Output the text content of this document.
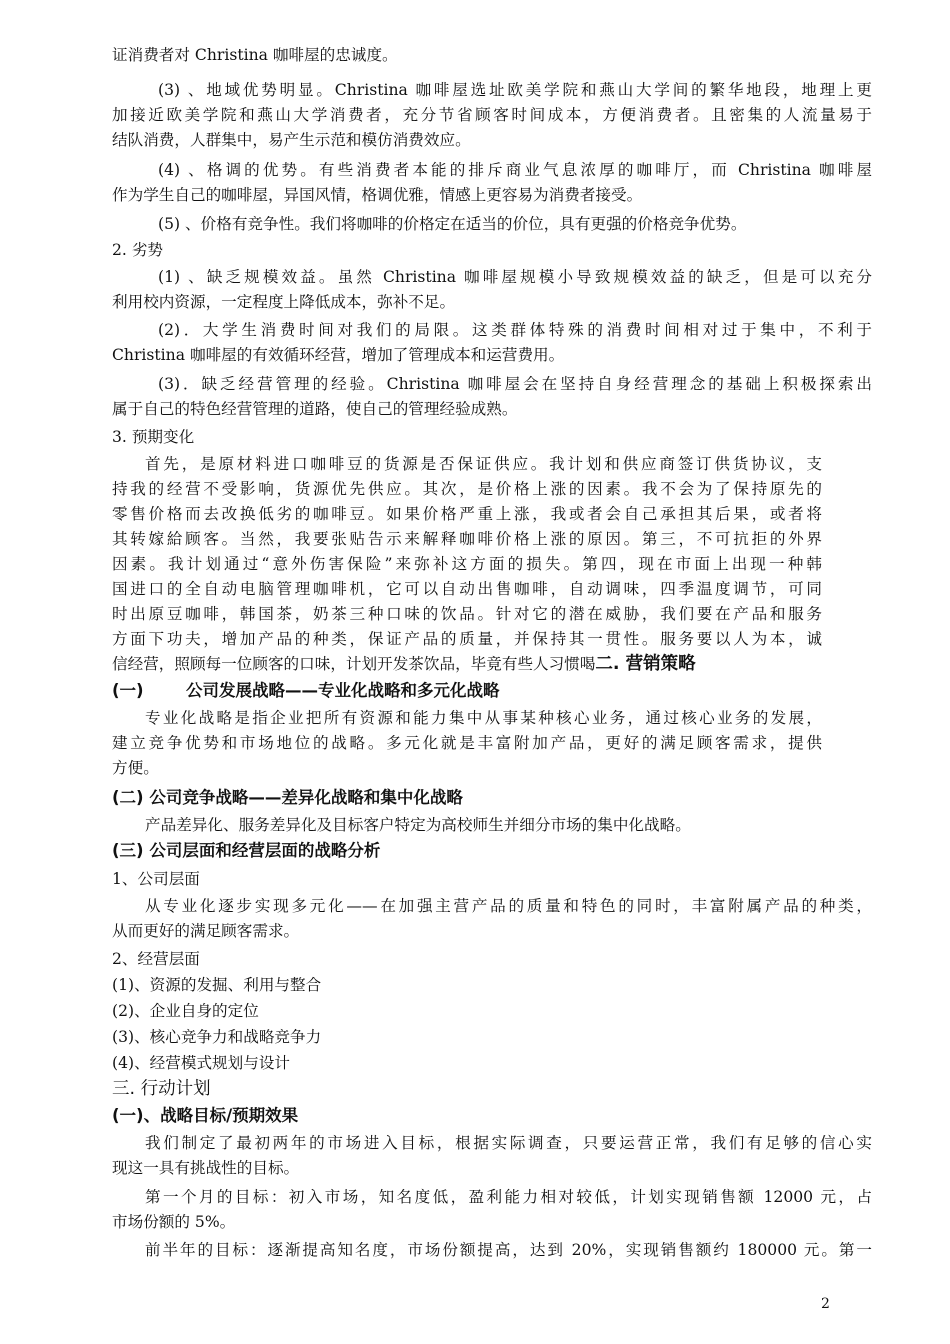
证消费者对 Christina 咖啡屋的忠诚度。

(3) 、地域优势明显。Christina 咖啡屋选址欧美学院和燕山大学间的繁华地段，地理上更

加接近欧美学院和燕山大学消费者，充分节省顾客时间成本，方便消费者。且密集的人流量易于

结队消费，人群集中，易产生示范和模仿消费效应。

(4) 、格调的优势。有些消费者本能的排斥商业气息浓厚的咖啡厅，而 Christina 咖啡屋

作为学生自己的咖啡屋，异国风情，格调优雅，情感上更容易为消费者接受。

(5) 、价格有竞争性。我们将咖啡的价格定在适当的价位，具有更强的价格竞争优势。

2. 劣势

(1) 、缺乏规模效益。虽然 Christina 咖啡屋规模小导致规模效益的缺乏，但是可以充分

利用校内资源，一定程度上降低成本，弥补不足。

(2)．大学生消费时间对我们的局限。这类群体特殊的消费时间相对过于集中，不利于

Christina 咖啡屋的有效循环经营，增加了管理成本和运营费用。

(3)．缺乏经营管理的经验。Christina 咖啡屋会在坚持自身经营理念的基础上积极探索出

属于自己的特色经营管理的道路，使自己的管理经验成熟。

3. 预期变化

首先，是原材料进口咖啡豆的货源是否保证供应。我计划和供应商签订供货协议，支

持我的经营不受影响，货源优先供应。其次，是价格上涨的因素。我不会为了保持原先的

零售价格而去改换低劣的咖啡豆。如果价格严重上涨，我或者会自己承担其后果，或者将

其转嫁給顾客。当然，我要张贴告示来解释咖啡价格上涨的原因。第三，不可抗拒的外界

因素。我计划通过“意外伤害保险”来弥补这方面的损失。第四，现在市面上出现一种韩

国进口的全自动电脑管理咖啡机，它可以自动出售咖啡，自动调味，四季温度调节，可同

时出原豆咖啡，韩国茶，奶茶三种口味的饮品。针对它的潜在威胁，我们要在产品和服务

方面下功夫，增加产品的种类，保证产品的质量，并保持其一贯性。服务要以人为本，诚

信经营，照顾每一位顾客的口味，计划开发茶饮品，毕竟有些人习惯喝二. 营销策略

(一)	公司发展战略——专业化战略和多元化战略

专业化战略是指企业把所有资源和能力集中从事某种核心业务，通过核心业务的发展，

建立竞争优势和市场地位的战略。多元化就是丰富附加产品，更好的满足顾客需求，提供

方便。

(二) 公司竞争战略——差异化战略和集中化战略

产品差异化、服务差异化及目标客户特定为高校师生并细分市场的集中化战略。

(三) 公司层面和经营层面的战略分析

1、公司层面

从专业化逐步实现多元化——在加强主营产品的质量和特色的同时，丰富附属产品的种类，

从而更好的满足顾客需求。

2、经营层面

(1)、资源的发掘、利用与整合

(2)、企业自身的定位

(3)、核心竞争力和战略竞争力

(4)、经营模式规划与设计

三. 行动计划

(一)、战略目标/预期效果

我们制定了最初两年的市场进入目标，根据实际调查，只要运营正常，我们有足够的信心实

现这一具有挑战性的目标。

第一个月的目标：初入市场，知名度低，盈利能力相对较低，计划实现销售额 12000 元，占

市场份额的 5%。

前半年的目标：逐渐提高知名度，市场份额提高，达到 20%，实现销售额约 180000 元。第一

2
